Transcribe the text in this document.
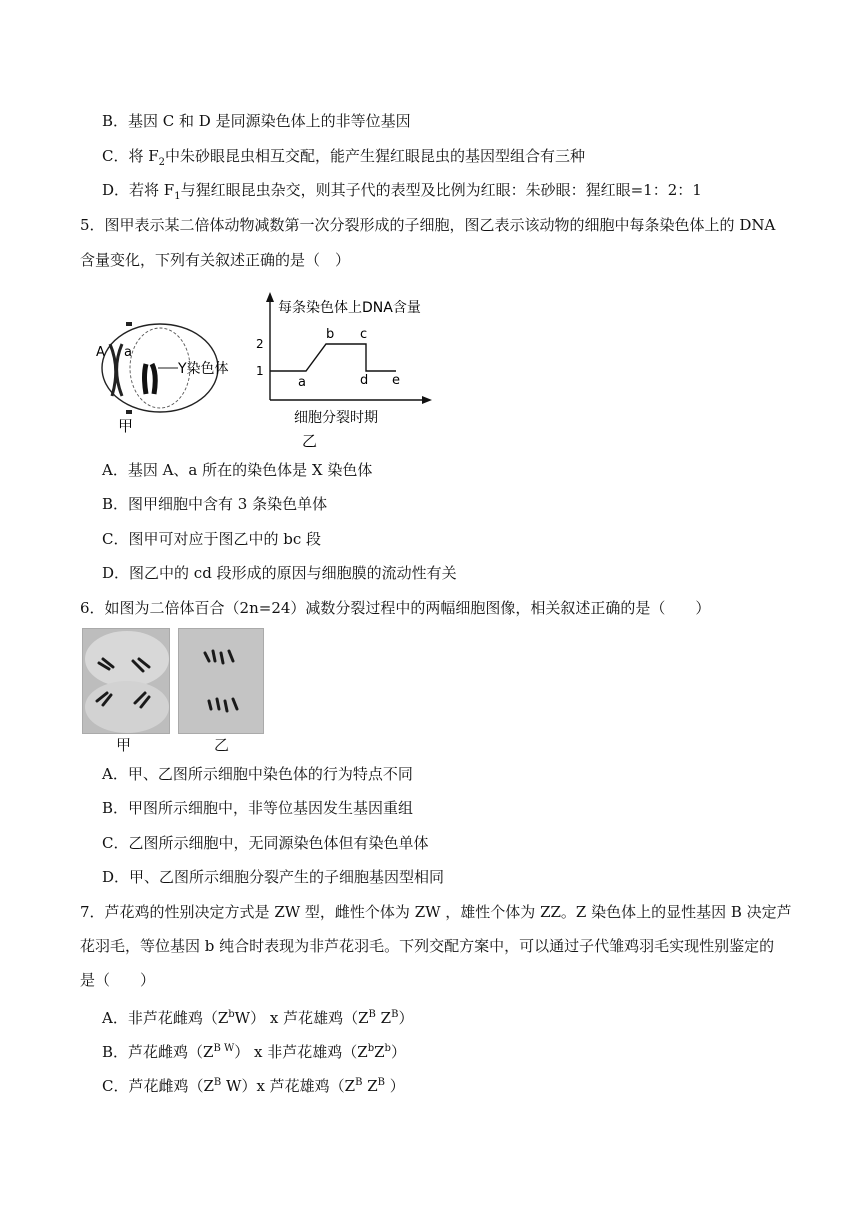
B．基因 C 和 D 是同源染色体上的非等位基因
C．将 $F_2$中朱砂眼昆虫相互交配，能产生猩红眼昆虫的基因型组合有三种
D．若将 $F_1$与猩红眼昆虫杂交，则其子代的表型及比例为红眼：朱砂眼：猩红眼=1：2：1
5．图甲表示某二倍体动物减数第一次分裂形成的子细胞，图乙表示该动物的细胞中每条染色体上的 DNA
含量变化，下列有关叙述正确的是（　）
A a
Y染色体
甲
每条染色体上DNA含量
2
1
a
b c
d e
细胞分裂时期
乙
A．基因 A、a 所在的染色体是 X 染色体
B．图甲细胞中含有 3 条染色单体
C．图甲可对应于图乙中的 bc 段
D．图乙中的 cd 段形成的原因与细胞膜的流动性有关
6．如图为二倍体百合（2n=24）减数分裂过程中的两幅细胞图像，相关叙述正确的是（　　）
甲	乙
A．甲、乙图所示细胞中染色体的行为特点不同
B．甲图所示细胞中，非等位基因发生基因重组
C．乙图所示细胞中，无同源染色体但有染色单体
D．甲、乙图所示细胞分裂产生的子细胞基因型相同
7．芦花鸡的性别决定方式是 ZW 型，雌性个体为 ZW ，雄性个体为 ZZ。Z 染色体上的显性基因 B 决定芦
花羽毛，等位基因 b 纯合时表现为非芦花羽毛。下列交配方案中，可以通过子代雏鸡羽毛实现性别鉴定的
是（　　）
A．非芦花雌鸡$(Z^bW)$ x 芦花雄鸡（$Z^B$ $Z^B$）
B．芦花雌鸡$(Z^{B W})$ x 非芦花雄鸡$(Z^bZ^b)$
C．芦花雌鸡（$Z^B$ W）x 芦花雄鸡（$Z^B$ $Z^B$ ）
